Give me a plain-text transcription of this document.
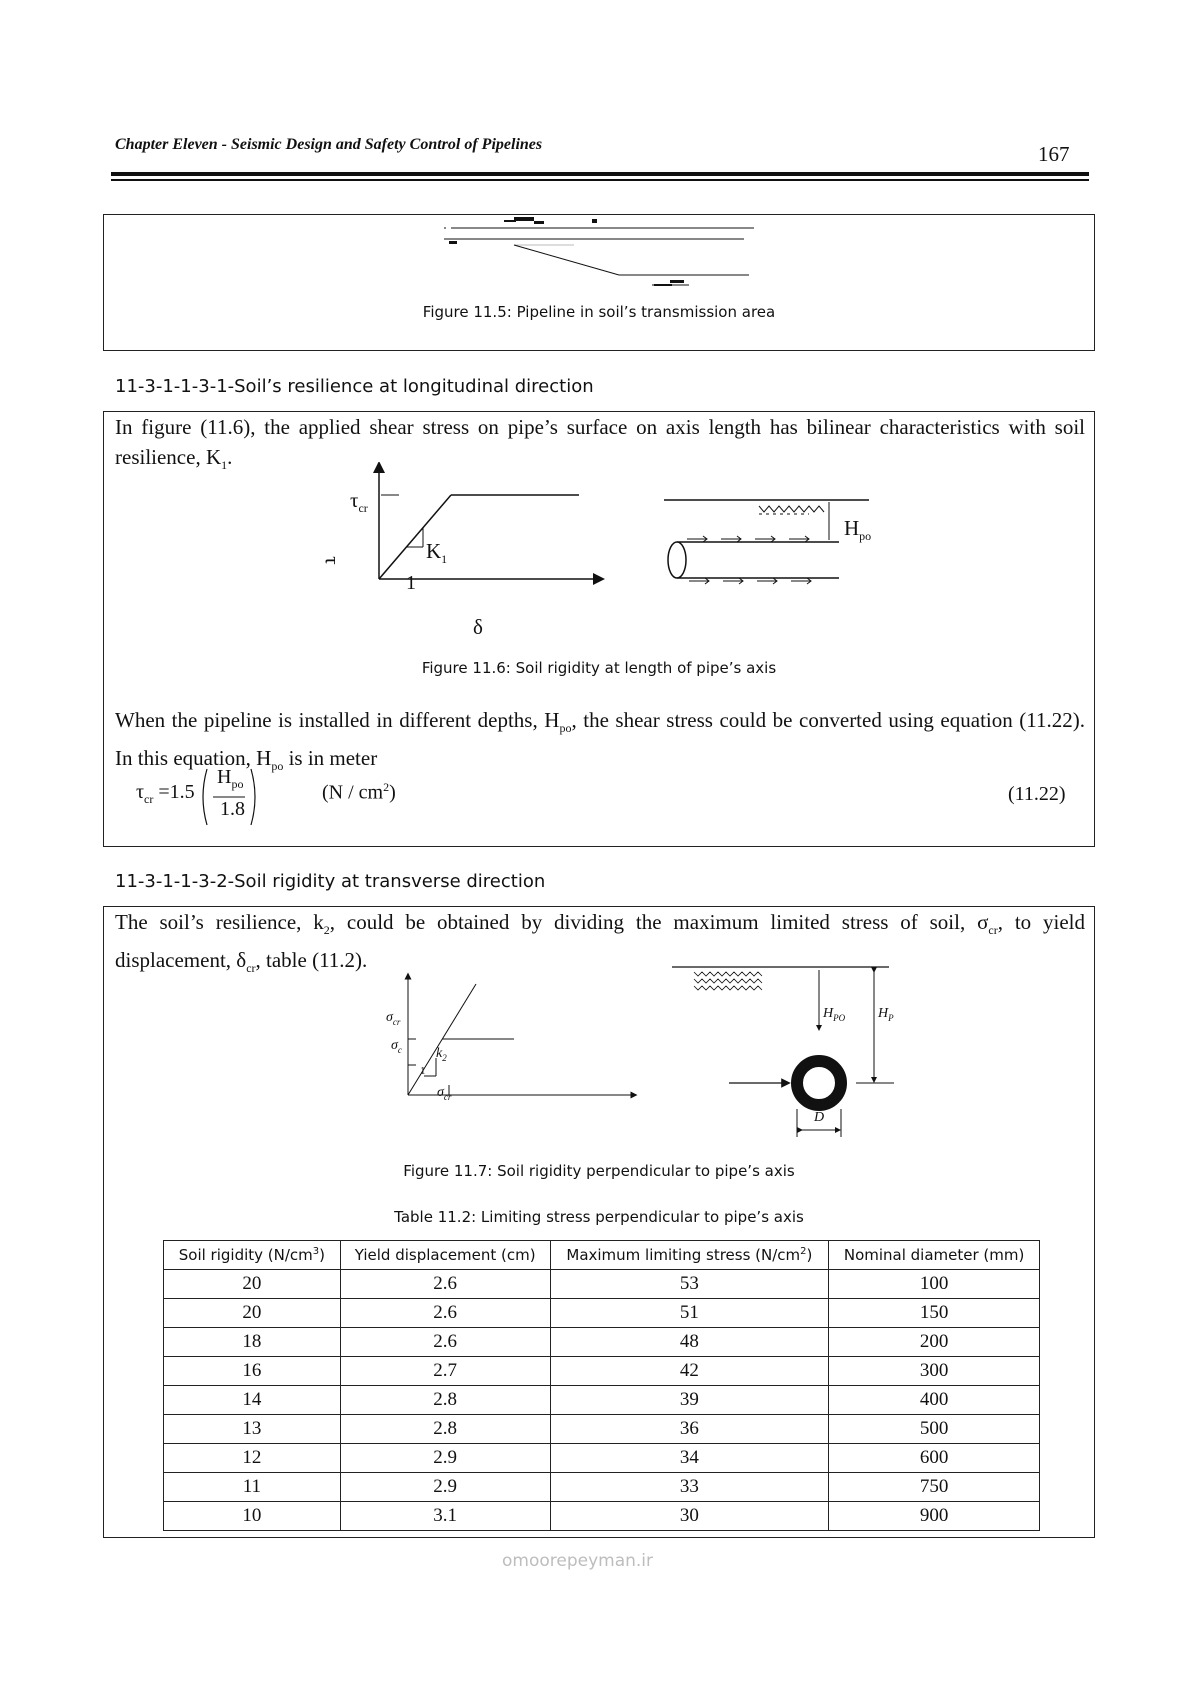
Chapter Eleven - Seismic Design and Safety Control of Pipelines	167
Figure 11.5: Pipeline in soil’s transmission area
11-3-1-1-3-1-Soil’s resilience at longitudinal direction
In figure (11.6), the applied shear stress on pipe’s surface on axis length has bilinear characteristics with soil resilience, $K_1$.
$\tau_{cr}$
τ	$K_1$
1
δ
$H_{po}$
Figure 11.6: Soil rigidity at length of pipe’s axis
When the pipeline is installed in different depths, $H_{po}$, the shear stress could be converted using equation (11.22). In this equation, $H_{po}$ is in meter
$\tau_{cr} =1.5$
$H_{po}$
1.8
$(N / cm^2)$	(11.22)
11-3-1-1-3-2-Soil rigidity at transverse direction
The soil’s resilience, $k_2$, could be obtained by dividing the maximum limited stress of soil, $\sigma_{cr}$, to yield displacement, $\delta_{cr}$, table (11.2).
$\sigma_{cr}$
$\sigma_c$ $k_2$
1
$\sigma_{cr}$
$H_{PO}$ $H_P$
D
Figure 11.7: Soil rigidity perpendicular to pipe’s axis
Table 11.2: Limiting stress perpendicular to pipe’s axis
Soil rigidity $(N/cm^3)$	Yield displacement (cm)	Maximum limiting stress $(N/cm^2)$	Nominal diameter (mm)
20	2.6	53	100
20	2.6	51	150
18	2.6	48	200
16	2.7	42	300
14	2.8	39	400
13	2.8	36	500
12	2.9	34	600
11	2.9	33	750
10	3.1	30	900
omoorepeyman.ir
